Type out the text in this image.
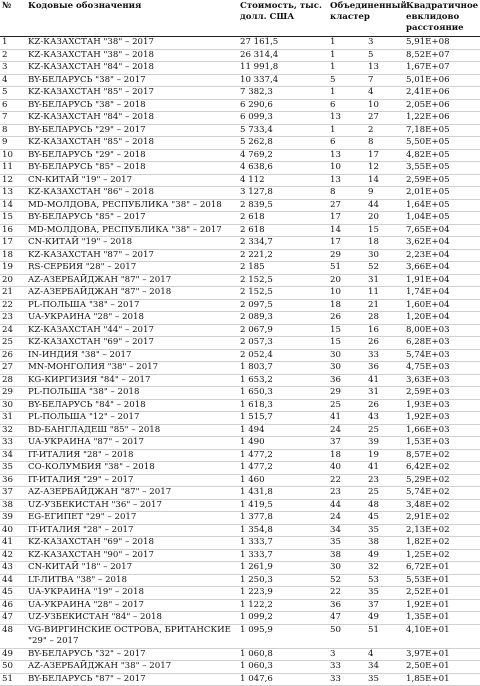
№	Кодовые обозначения	Стоимость, тыс. долл. США	Объединенный кластер	Квадратичное евклидово расстояние
1	KZ-КАЗАХСТАН "38" – 2017	27 161,5	1 3	5,91E+08
2	KZ-КАЗАХСТАН "38" – 2018	26 314,4	1 5	8,52E+07
3	KZ-КАЗАХСТАН "84" – 2018	11 991,8	1 13	1,67E+07
4	BY-БЕЛАРУСЬ "38" – 2017	10 337,4	5 7	5,01E+06
5	KZ-КАЗАХСТАН "85" – 2017	7 382,3	1 4	2,41E+06
6	BY-БЕЛАРУСЬ "38" – 2018	6 290,6	6 10	2,05E+06
7	KZ-КАЗАХСТАН "84" – 2018	6 099,3	13 27	1,22E+06
8	BY-БЕЛАРУСЬ "29" – 2017	5 733,4	1 2	7,18E+05
9	KZ-КАЗАХСТАН "85" – 2018	5 262,8	6 8	5,50E+05
10	BY-БЕЛАРУСЬ "29" – 2018	4 769,2	13 17	4,82E+05
11	BY-БЕЛАРУСЬ "85" – 2018	4 638,6	10 12	3,55E+05
12	CN-КИТАЙ "19" – 2017	4 112	13 14	2,59E+05
13	KZ-КАЗАХСТАН "86" – 2018	3 127,8	8 9	2,01E+05
14	MD-МОЛДОВА, РЕСПУБЛИКА "38" – 2018	2 839,5	27 44	1,64E+05
15	BY-БЕЛАРУСЬ "85" – 2017	2 618	17 20	1,04E+05
16	MD-МОЛДОВА, РЕСПУБЛИКА "38" – 2017	2 618	14 15	7,65E+04
17	CN-КИТАЙ "19" – 2018	2 334,7	17 18	3,62E+04
18	KZ-КАЗАХСТАН "87" – 2017	2 221,2	29 30	2,23E+04
19	RS-СЕРБИЯ "28" – 2017	2 185	51 52	3,66E+04
20	AZ-АЗЕРБАЙДЖАН "87" – 2017	2 152,5	20 31	1,91E+04
21	AZ-АЗЕРБАЙДЖАН "87" – 2018	2 152,5	10 11	1,74E+04
22	PL-ПОЛЬША "38" – 2017	2 097,5	18 21	1,60E+04
23	UA-УКРАИНА "28" – 2018	2 089,3	26 28	1,20E+04
24	KZ-КАЗАХСТАН "44" – 2017	2 067,9	15 16	8,00E+03
25	KZ-КАЗАХСТАН "69" – 2017	2 057,3	15 26	6,28E+03
26	IN-ИНДИЯ "38" – 2017	2 052,4	30 33	5,74E+03
27	MN-МОНГОЛИЯ "38" – 2017	1 803,7	30 36	4,75E+03
28	KG-КИРГИЗИЯ "84" – 2017	1 653,2	36 41	3,63E+03
29	PL-ПОЛЬША "38" – 2018	1 650,3	29 31	2,59E+03
30	BY-БЕЛАРУСЬ "84" – 2018	1 618,3	25 26	1,93E+03
31	PL-ПОЛЬША "12" – 2017	1 515,7	41 43	1,92E+03
32	BD-БАНГЛАДЕШ "85" – 2018	1 494	24 25	1,66E+03
33	UA-УКРАИНА "87" – 2017	1 490	37 39	1,53E+03
34	IT-ИТАЛИЯ "28" – 2018	1 477,2	18 19	8,57E+02
35	CO-КОЛУМБИЯ "38" – 2018	1 477,2	40 41	6,42E+02
36	IT-ИТАЛИЯ "29" – 2017	1 460	22 23	5,29E+02
37	AZ-АЗЕРБАЙДЖАН "87" – 2017	1 431,8	23 25	5,74E+02
38	UZ-УЗБЕКИСТАН "36" – 2017	1 419,5	44 48	3,48E+02
39	EG-ЕГИПЕТ "29" – 2017	1 377,8	24 45	2,91E+02
40	IT-ИТАЛИЯ "28" – 2017	1 354,8	34 35	2,13E+02
41	KZ-КАЗАХСТАН "69" – 2018	1 333,7	35 38	1,82E+02
42	KZ-КАЗАХСТАН "90" – 2017	1 333,7	38 49	1,25E+02
43	CN-КИТАЙ "18" – 2017	1 261,9	30 32	6,72E+01
44	LT-ЛИТВА "38" – 2018	1 250,3	52 53	5,53E+01
45	UA-УКРАИНА "19" – 2018	1 223,9	22 35	2,52E+01
46	UA-УКРАИНА "28" – 2017	1 122,2	36 37	1,92E+01
47	UZ-УЗБЕКИСТАН "84" – 2018	1 099,2	47 49	1,35E+01
48	VG-ВИРГИНСКИЕ ОСТРОВА, БРИТАНСКИЕ "29" – 2017	1 095,9	50 51	4,10E+01
49	BY-БЕЛАРУСЬ "32" – 2017	1 060,8	3 4	3,97E+01
50	AZ-АЗЕРБАЙДЖАН "38" – 2017	1 060,3	33 34	2,50E+01
51	BY-БЕЛАРУСЬ "87" – 2017	1 047,6	33 35	1,85E+01
